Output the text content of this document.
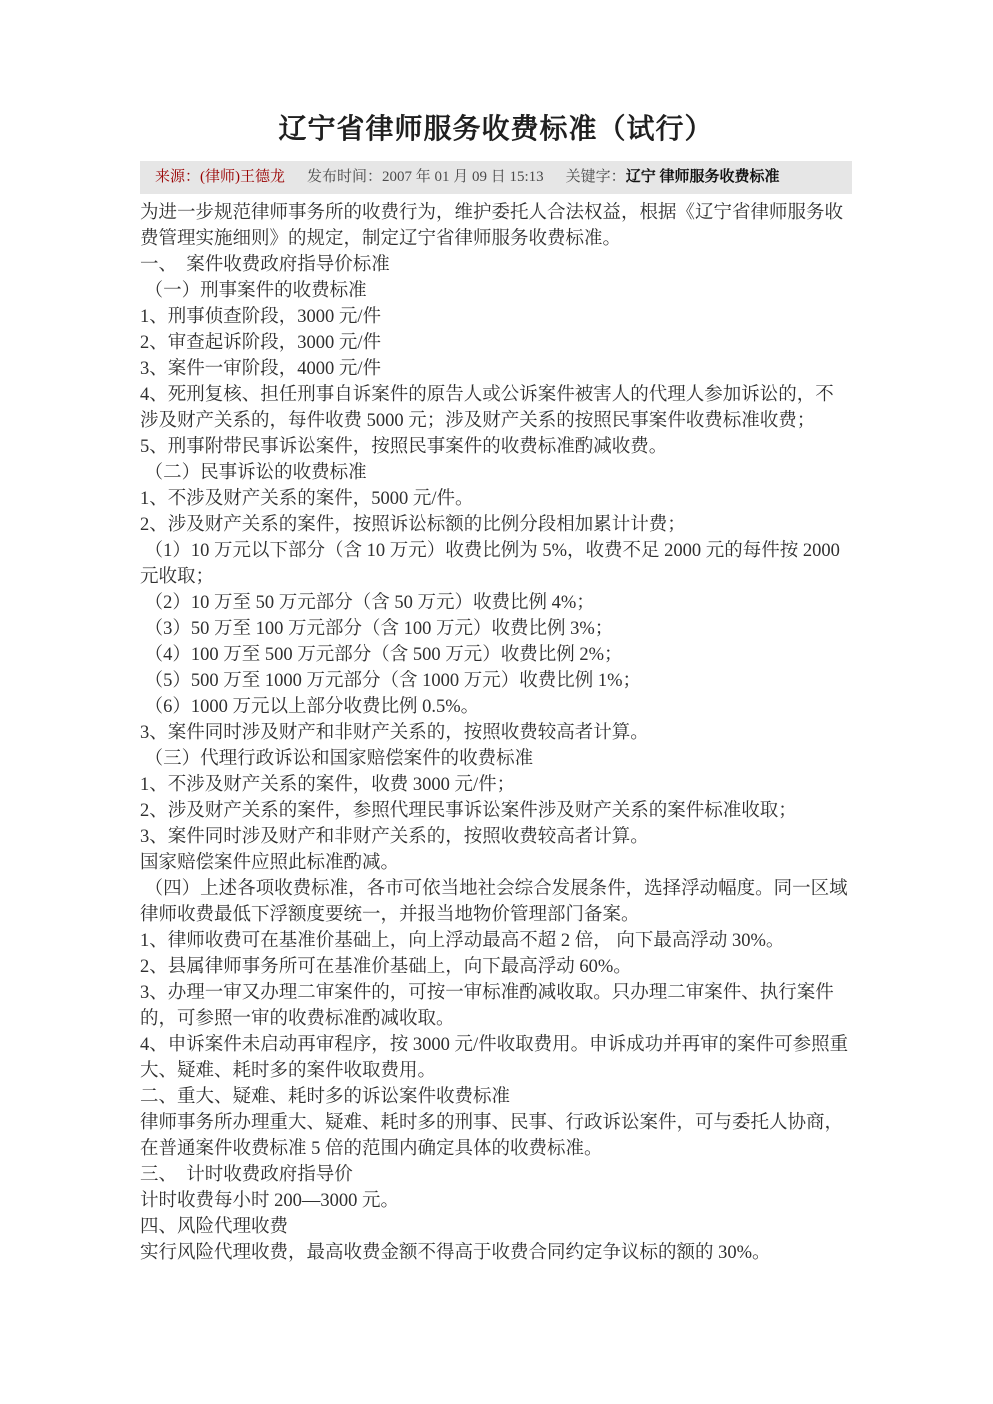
辽宁省律师服务收费标准（试行）
来源：(律师)王德龙 发布时间：2007 年 01 月 09 日 15:13 关键字：辽宁 律师服务收费标准

为进一步规范律师事务所的收费行为，维护委托人合法权益，根据《辽宁省律师服务收费管理实施细则》的规定，制定辽宁省律师服务收费标准。

一、　案件收费政府指导价标准

（一）刑事案件的收费标准

1、刑事侦查阶段，3000 元/件

2、审查起诉阶段，3000 元/件

3、案件一审阶段，4000 元/件

4、死刑复核、担任刑事自诉案件的原告人或公诉案件被害人的代理人参加诉讼的，不涉及财产关系的，每件收费 5000 元；涉及财产关系的按照民事案件收费标准收费；

5、刑事附带民事诉讼案件，按照民事案件的收费标准酌减收费。

（二）民事诉讼的收费标准

1、不涉及财产关系的案件，5000 元/件。

2、涉及财产关系的案件，按照诉讼标额的比例分段相加累计计费；

（1）10 万元以下部分（含 10 万元）收费比例为 5%，收费不足 2000 元的每件按 2000 元收取；

（2）10 万至 50 万元部分（含 50 万元）收费比例 4%；

（3）50 万至 100 万元部分（含 100 万元）收费比例 3%；

（4）100 万至 500 万元部分（含 500 万元）收费比例 2%；

（5）500 万至 1000 万元部分（含 1000 万元）收费比例 1%；

（6）1000 万元以上部分收费比例 0.5%。

3、案件同时涉及财产和非财产关系的，按照收费较高者计算。

（三）代理行政诉讼和国家赔偿案件的收费标准

1、不涉及财产关系的案件，收费 3000 元/件；

2、涉及财产关系的案件，参照代理民事诉讼案件涉及财产关系的案件标准收取；

3、案件同时涉及财产和非财产关系的，按照收费较高者计算。

国家赔偿案件应照此标准酌减。

（四）上述各项收费标准，各市可依当地社会综合发展条件，选择浮动幅度。同一区域律师收费最低下浮额度要统一，并报当地物价管理部门备案。

1、律师收费可在基准价基础上，向上浮动最高不超 2 倍， 向下最高浮动 30%。

2、县属律师事务所可在基准价基础上，向下最高浮动 60%。

3、办理一审又办理二审案件的，可按一审标准酌减收取。只办理二审案件、执行案件的，可参照一审的收费标准酌减收取。

4、申诉案件未启动再审程序，按 3000 元/件收取费用。申诉成功并再审的案件可参照重大、疑难、耗时多的案件收取费用。

二、重大、疑难、耗时多的诉讼案件收费标准

律师事务所办理重大、疑难、耗时多的刑事、民事、行政诉讼案件，可与委托人协商，在普通案件收费标准 5 倍的范围内确定具体的收费标准。

三、　计时收费政府指导价

计时收费每小时 200—3000 元。

四、风险代理收费

实行风险代理收费，最高收费金额不得高于收费合同约定争议标的额的 30%。
